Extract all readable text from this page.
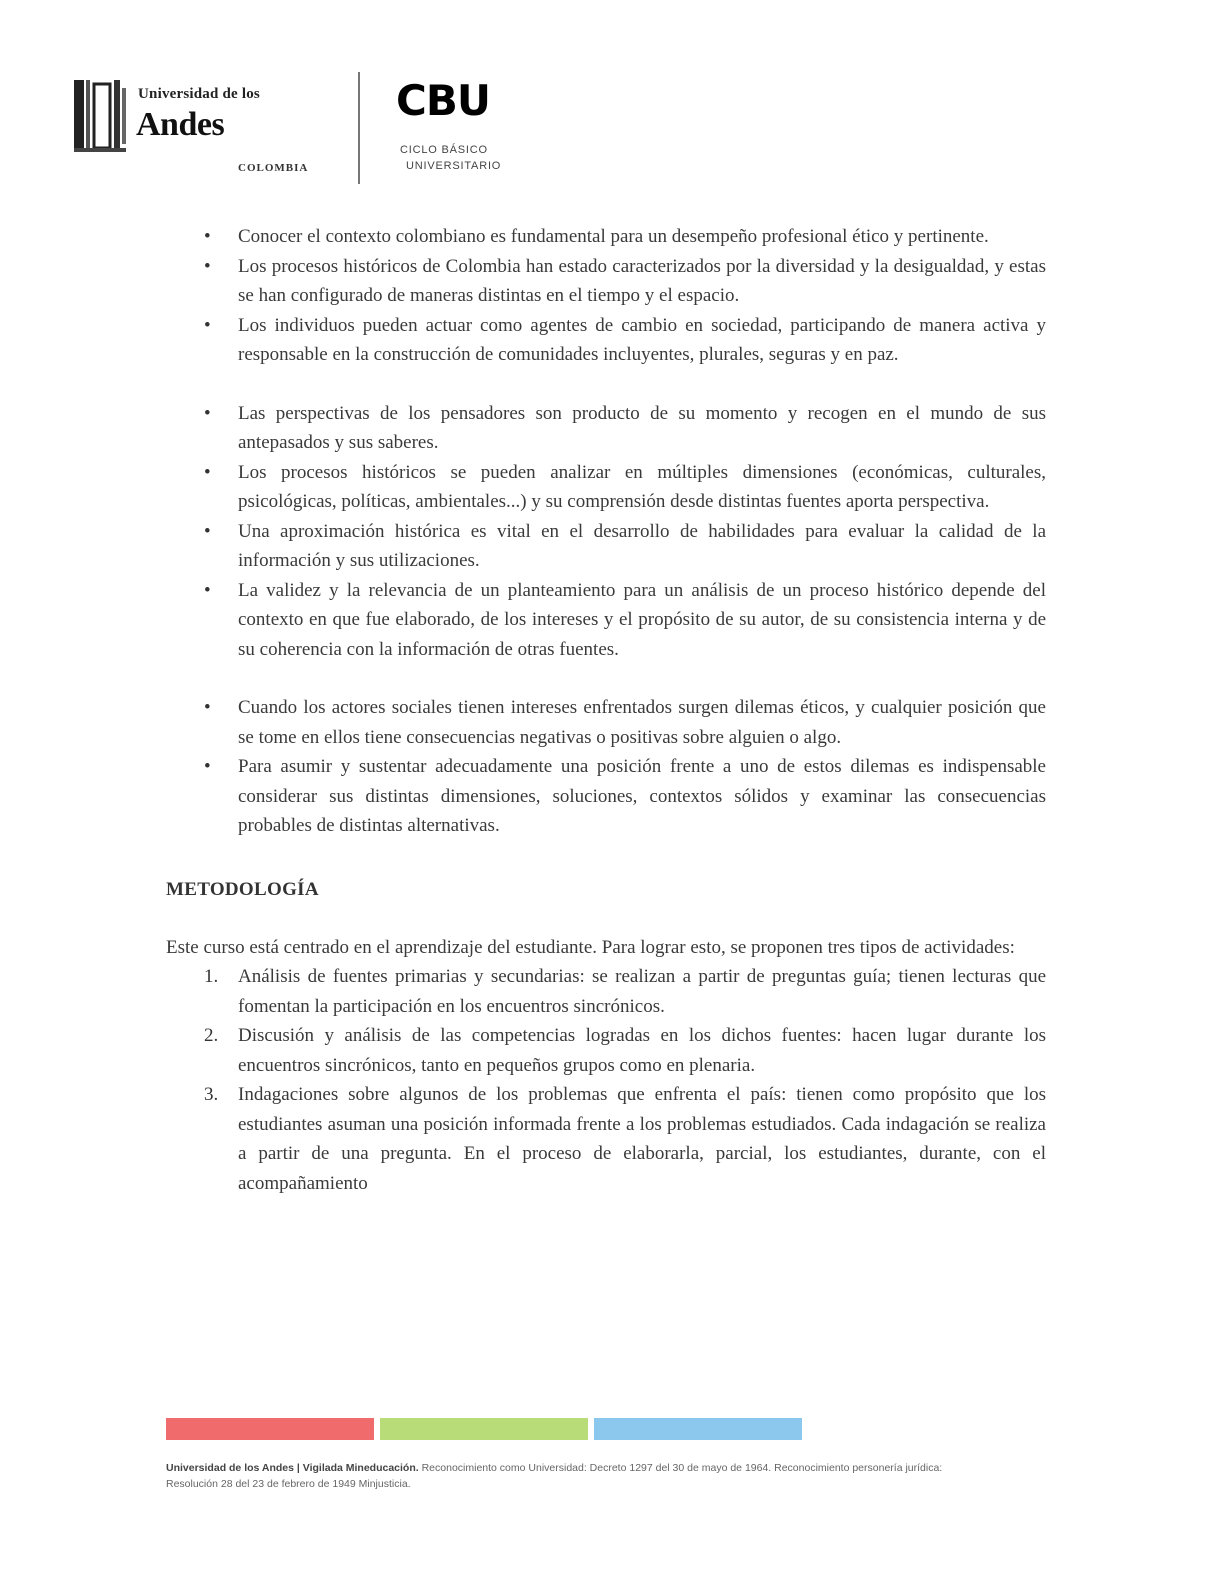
Universidad de los
Andes
COLOMBIA
CBU
CICLO BÁSICO
UNIVERSITARIO
•	Conocer el contexto colombiano es fundamental para un desempeño profesional ético y pertinente.
•	Los procesos históricos de Colombia han estado caracterizados por la diversidad y la desigualdad, y estas se han configurado de maneras distintas en el tiempo y el espacio.
•	Los individuos pueden actuar como agentes de cambio en sociedad, participando de manera activa y responsable en la construcción de comunidades incluyentes, plurales, seguras y en paz.
•	Las perspectivas de los pensadores son producto de su momento y recogen en el mundo de sus antepasados y sus saberes.
•	Los procesos históricos se pueden analizar en múltiples dimensiones (económicas, culturales, psicológicas, políticas, ambientales...) y su comprensión desde distintas fuentes aporta perspectiva.
•	Una aproximación histórica es vital en el desarrollo de habilidades para evaluar la calidad de la información y sus utilizaciones.
•	La validez y la relevancia de un planteamiento para un análisis de un proceso histórico depende del contexto en que fue elaborado, de los intereses y el propósito de su autor, de su consistencia interna y de su coherencia con la información de otras fuentes.
•	Cuando los actores sociales tienen intereses enfrentados surgen dilemas éticos, y cualquier posición que se tome en ellos tiene consecuencias negativas o positivas sobre alguien o algo.
•	Para asumir y sustentar adecuadamente una posición frente a uno de estos dilemas es indispensable considerar sus distintas dimensiones, soluciones, contextos sólidos y examinar las consecuencias probables de distintas alternativas.
METODOLOGÍA
Este curso está centrado en el aprendizaje del estudiante. Para lograr esto, se proponen tres tipos de actividades:
1.	Análisis de fuentes primarias y secundarias: se realizan a partir de preguntas guía; tienen lecturas que fomentan la participación en los encuentros sincrónicos.
2.	Discusión y análisis de las competencias logradas en los dichos fuentes: hacen lugar durante los encuentros sincrónicos, tanto en pequeños grupos como en plenaria.
3.	Indagaciones sobre algunos de los problemas que enfrenta el país: tienen como propósito que los estudiantes asuman una posición informada frente a los problemas estudiados. Cada indagación se realiza a partir de una pregunta. En el proceso de elaborarla, parcial, los estudiantes, durante, con el acompañamiento
Universidad de los Andes | Vigilada Mineducación. Reconocimiento como Universidad: Decreto 1297 del 30 de mayo de 1964. Reconocimiento personería jurídica: Resolución 28 del 23 de febrero de 1949 Minjusticia.
